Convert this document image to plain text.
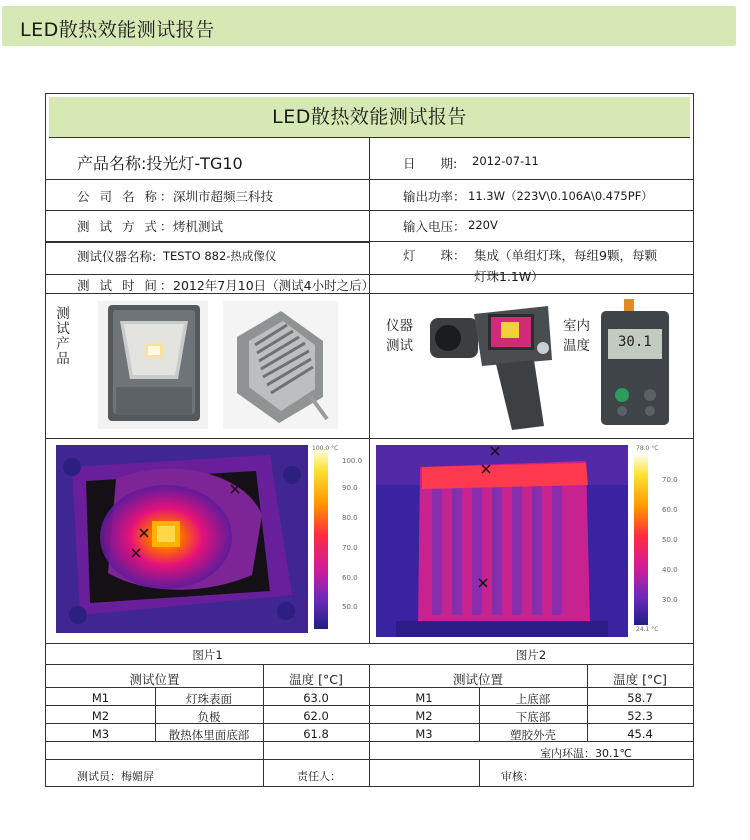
LED散热效能测试报告
LED散热效能测试报告
产品名称:投光灯-TG10	日　　期: 2012-07-11
公 司 名 称：
深圳市超频三科技	输出功率： 11.3W（223V\0.106A\0.475PF）
测 试 方 式：
烤机测试	输入电压： 220V
测试仪器名称: TESTO 882-热成像仪	灯　　珠： 集成（单组灯珠，每组9颗，每颗
灯珠1.1W）
测 试 时 间：
2012年7月10日（测试4小时之后）
测试产品
仪器
测试
室内
温度 30.1
100.0 °C
100.0
90.0
80.0
70.0
60.0
50.0
78.0 °C
70.0
60.0
50.0
40.0
30.0
24.1 °C
图片1	图片2
测试位置	温度 [°C]
M1	灯珠表面	63.0
M2	负极	62.0
M3	散热体里面底部	61.8
测试位置	温度 [°C]
M1	上底部	58.7
M2	下底部	52.3
M3	塑胶外壳	45.4
室内环温：30.1℃
测试员：梅媚屏	责任人：	审核：
